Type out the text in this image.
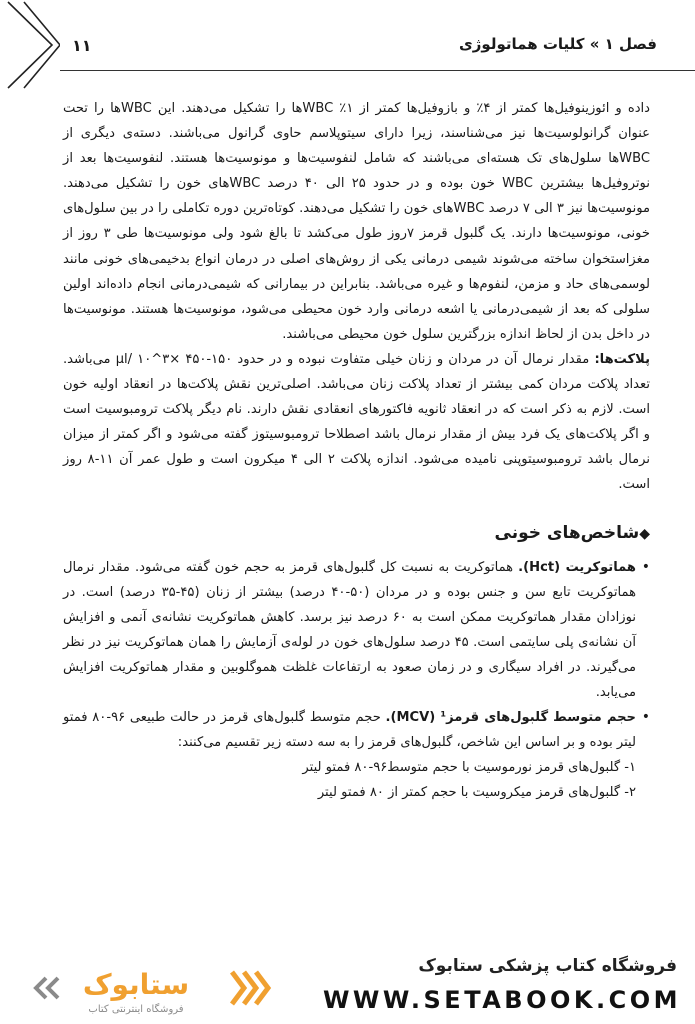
۱۱	فصل ۱ » کلیات هماتولوژی

داده و ائوزینوفیل‌ها کمتر از ۴٪ و بازوفیل‌ها کمتر از ۱٪ WBCها را تشکیل می‌دهند. این WBCها را تحت عنوان گرانولوسیت‌ها نیز می‌شناسند، زیرا دارای سیتوپلاسم حاوی گرانول می‌باشند. دسته‌ی دیگری از WBCها سلول‌های تک هسته‌ای می‌باشند که شامل لنفوسیت‌ها و مونوسیت‌ها هستند. لنفوسیت‌ها بعد از نوتروفیل‌ها بیشترین WBC خون بوده و در حدود ۲۵ الی ۴۰ درصد WBCهای خون را تشکیل می‌دهند. مونوسیت‌ها نیز ۳ الی ۷ درصد WBCهای خون را تشکیل می‌دهند. کوتاه‌ترین دوره تکاملی را در بین سلول‌های خونی، مونوسیت‌ها دارند. یک گلبول قرمز ۷روز طول می‌کشد تا بالغ شود ولی مونوسیت‌ها طی ۳ روز از مغزاستخوان ساخته می‌شوند شیمی درمانی یکی از روش‌های اصلی در درمان انواع بدخیمی‌های خونی مانند لوسمی‌های حاد و مزمن، لنفوم‌ها و غیره می‌باشد. بنابراین در بیمارانی که شیمی‌درمانی انجام داده‌اند اولین سلولی که بعد از شیمی‌درمانی یا اشعه درمانی وارد خون محیطی می‌شود، مونوسیت‌ها هستند. مونوسیت‌ها در داخل بدن از لحاظ اندازه بزرگترین سلول خون محیطی می‌باشند.

پلاکت‌ها: مقدار نرمال آن در مردان و زنان خیلی متفاوت نبوده و در حدود µl/ ۱۰^۳× ۴۵۰-۱۵۰ می‌باشد. تعداد پلاکت مردان کمی بیشتر از تعداد پلاکت زنان می‌باشد. اصلی‌ترین نقش پلاکت‌ها در انعقاد اولیه خون است. لازم به ذکر است که در انعقاد ثانویه فاکتورهای انعقادی نقش دارند. نام دیگر پلاکت ترومبوسیت است و اگر پلاکت‌های یک فرد بیش از مقدار نرمال باشد اصطلاحا ترومبوسیتوز گفته می‌شود و اگر کمتر از میزان نرمال باشد ترومبوسیتوپنی نامیده می‌شود. اندازه پلاکت ۲ الی ۴ میکرون است و طول عمر آن ۱۱-۸ روز است.

◆شاخص‌های خونی

•
هماتوکریت (Hct). هماتوکریت به نسبت کل گلبول‌های قرمز به حجم خون گفته می‌شود. مقدار نرمال هماتوکریت تابع سن و جنس بوده و در مردان (۵۰-۴۰ درصد) بیشتر از زنان (۴۵-۳۵ درصد) است. در نوزادان مقدار هماتوکریت ممکن است به ۶۰ درصد نیز برسد. کاهش هماتوکریت نشانه‌ی آنمی و افزایش آن نشانه‌ی پلی سایتمی است. ۴۵ درصد سلول‌های خون در لوله‌ی آزمایش را همان هماتوکریت نیز در نظر می‌گیرند. در افراد سیگاری و در زمان صعود به ارتفاعات غلظت هموگلوبین و مقدار هماتوکریت افزایش می‌یابد.

•
حجم متوسط گلبول‌های قرمز¹ (MCV). حجم متوسط گلبول‌های قرمز در حالت طبیعی ۹۶-۸۰ فمتو لیتر بوده و بر اساس این شاخص، گلبول‌های قرمز را به سه دسته زیر تقسیم می‌کنند:

۱- گلبول‌های قرمز نورموسیت با حجم متوسط۹۶-۸۰ فمتو لیتر

۲- گلبول‌های قرمز میکروسیت با حجم کمتر از ۸۰ فمتو لیتر

ستابوک
فروشگاه اینترنتی کتاب
فروشگاه کتاب پزشکی ستابوک
WWW.SETABOOK.COM
